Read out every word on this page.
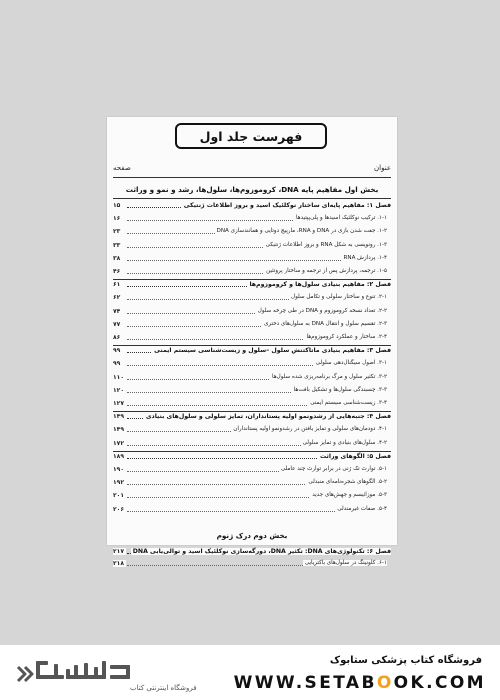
فهرست جلد اول
عنوان
صفحه
بخش اول مفاهیم پایه DNA، کروموزوم‌ها، سلول‌ها، رشد و نمو و وراثت
فصل ۱: مفاهیم پایه‌ای ساختار نوکلئیک اسید و بروز اطلاعات ژنتیکی
۱۵
۱-۱. ترکیب نوکلئیک اسیدها و پلی‌پپتیدها
۱۶
۱-۲. جفت شدن بازی در DNA و RNA، مارپیچ دوتایی و همانندسازی DNA
۲۳
۱-۳. رونویسی به شکل RNA و بروز اطلاعات ژنتیکی
۳۳
۱-۴. پردازش RNA
۳۸
۱-۵. ترجمه، پردازش پس از ترجمه و ساختار پروتئین
۴۶
فصل ۲: مفاهیم بنیادی سلول‌ها و کروموزوم‌ها
۶۱
۲-۱. تنوع و ساختار سلولی و تکامل سلول
۶۲
۲-۲. تعداد نسخه کروموزوم و DNA در طی چرخه سلول
۷۴
۲-۳. تقسیم سلول و انتقال DNA به سلول‌های دختری
۷۷
۲-۴. ساختار و عملکرد کروموزوم‌ها
۸۶
فصل ۳: مفاهیم بنیادی ماتاکتنش سلول –سلول و زیست‌شناسی سیستم ایمنی
۹۹
۳-۱. اصول سیگنال‌دهی سلولی
۹۹
۳-۲. تکثیر سلول و مرگ برنامه‌ریزی شده سلول‌ها
۱۱۰
۳-۳. چسبندگی سلول‌ها و تشکیل بافت‌ها
۱۲۰
۳-۴. زیست‌شناسی سیستم ایمنی
۱۲۷
فصل ۴: جنبه‌هایی از رشدونمو اولیه پستانداران، تمایز سلولی و سلول‌های بنیادی
۱۴۹
۴-۱. دودمان‌های سلولی و تمایز یافتن در رشدونمو اولیه پستانداران
۱۴۹
۴-۲. سلول‌های بنیادی و تمایز سلولی
۱۷۲
فصل ۵: الگوهای وراثت
۱۸۹
۵-۱. توارث تک ژنی در برابر توارث چند عاملی
۱۹۰
۵-۲. الگوهای شجره‌نامه‌ای منبدلی
۱۹۲
۵-۳. موزائیسم و جهش‌های جدید
۲۰۱
۵-۴. صفات غیرمندلی
۲۰۶
بخش دوم درک ژنوم
فصل ۶: تکنولوژی‌های DNA: تکثیر DNA، دورگه‌سازی نوکلئیک اسید و توالی‌یابی DNA
۲۱۷
۶-۱. کلونینگ در سلول‌های باکتریایی
۲۱۸
فروشگاه اینترنتی کتاب
فروشگاه کتاب پزشکی ستابوک
WWW.SETABOOK.COM
